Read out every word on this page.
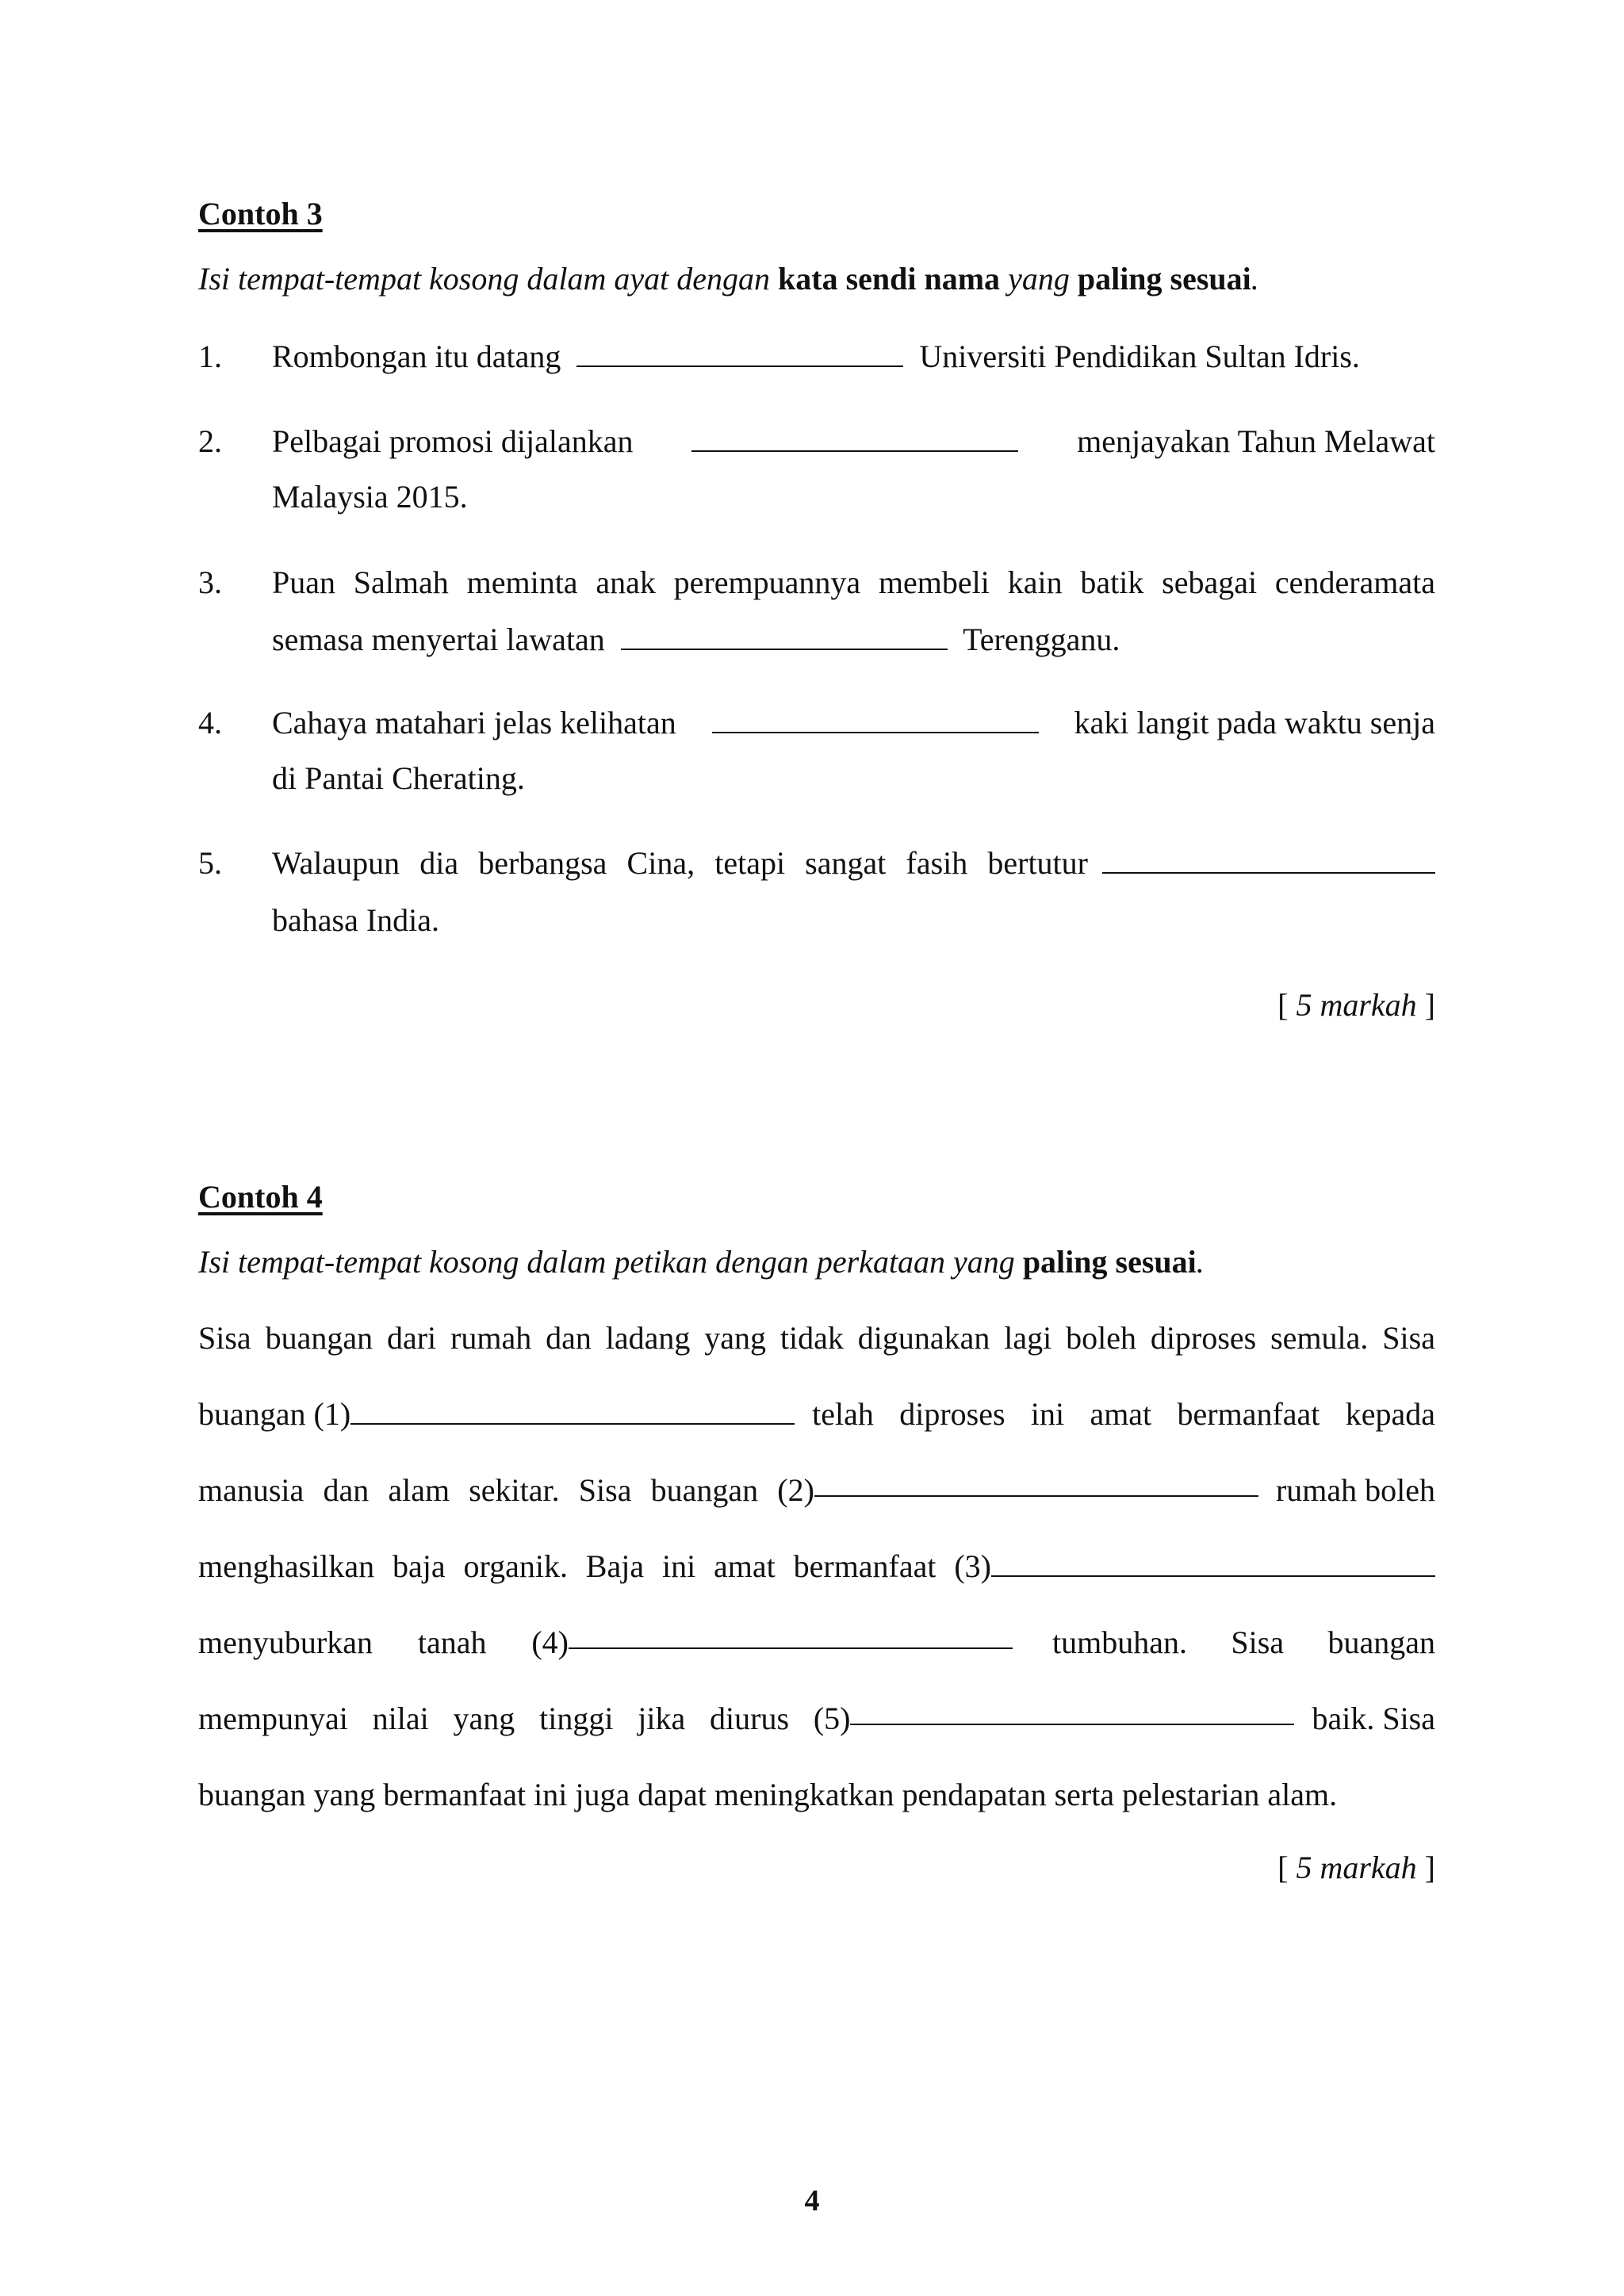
Contoh 3
Isi tempat-tempat kosong dalam ayat dengan kata sendi nama yang paling sesuai.
1. Rombongan itu datang	Universiti Pendidikan Sultan Idris.
2. Pelbagai promosi dijalankan	menjayakan Tahun Melawat
Malaysia 2015.
3. Puan Salmah meminta anak perempuannya membeli kain batik sebagai cenderamata
semasa menyertai lawatan	Terengganu.
4. Cahaya matahari jelas kelihatan	kaki langit pada waktu senja
di Pantai Cherating.
5. Walaupun dia berbangsa Cina, tetapi sangat fasih bertutur
bahasa India.
[ 5 markah ]
Contoh 4
Isi tempat-tempat kosong dalam petikan dengan perkataan yang paling sesuai.
Sisa buangan dari rumah dan ladang yang tidak digunakan lagi boleh diproses semula. Sisa
buangan (1)	telah diproses ini amat bermanfaat kepada
manusia dan alam sekitar. Sisa buangan (2)	rumah boleh
menghasilkan baja organik. Baja ini amat bermanfaat (3)
menyuburkan tanah (4)	tumbuhan. Sisa buangan
mempunyai nilai yang tinggi jika diurus (5)	baik. Sisa
buangan yang bermanfaat ini juga dapat meningkatkan pendapatan serta pelestarian alam.
[ 5 markah ]
4
